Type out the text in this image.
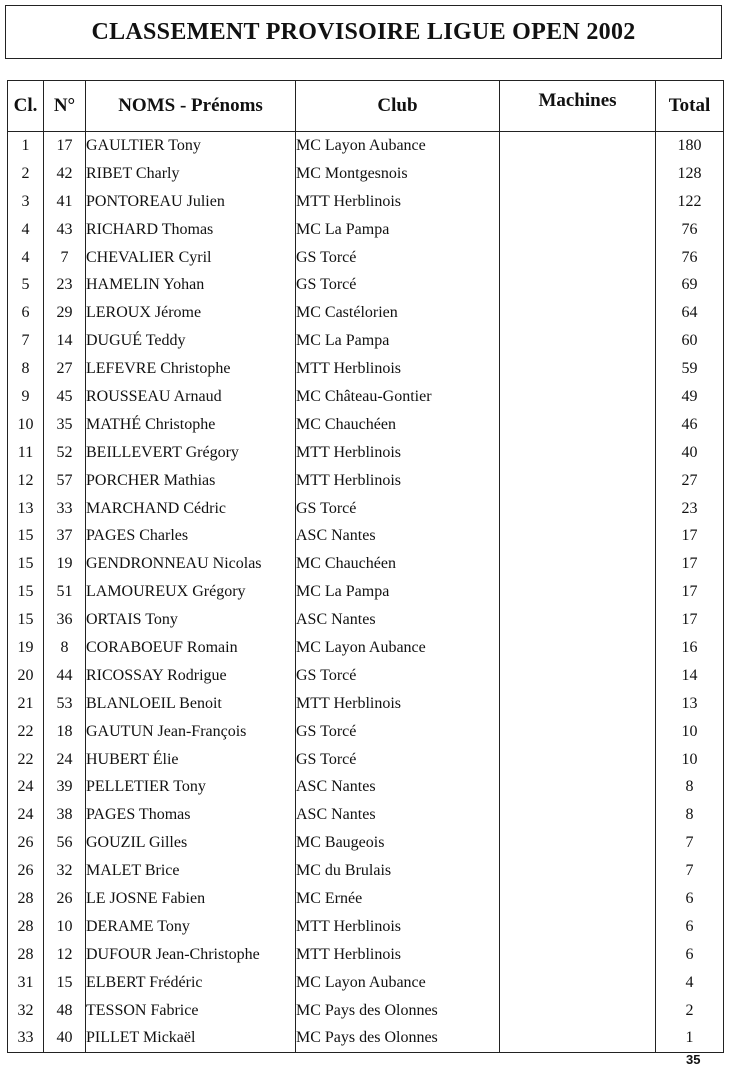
CLASSEMENT PROVISOIRE LIGUE OPEN 2002
Cl.	N°	NOMS - Prénoms	Club	Machines	Total
1	17	GAULTIER Tony	MC Layon Aubance		180
2	42	RIBET Charly	MC Montgesnois		128
3	41	PONTOREAU Julien	MTT Herblinois		122
4	43	RICHARD Thomas	MC La Pampa		76
4	7	CHEVALIER Cyril	GS Torcé		76
5	23	HAMELIN Yohan	GS Torcé		69
6	29	LEROUX Jérome	MC Castélorien		64
7	14	DUGUÉ Teddy	MC La Pampa		60
8	27	LEFEVRE Christophe	MTT Herblinois		59
9	45	ROUSSEAU Arnaud	MC Château-Gontier		49
10	35	MATHÉ Christophe	MC Chauchéen		46
11	52	BEILLEVERT Grégory	MTT Herblinois		40
12	57	PORCHER Mathias	MTT Herblinois		27
13	33	MARCHAND Cédric	GS Torcé		23
15	37	PAGES Charles	ASC Nantes		17
15	19	GENDRONNEAU Nicolas	MC Chauchéen		17
15	51	LAMOUREUX Grégory	MC La Pampa		17
15	36	ORTAIS Tony	ASC Nantes		17
19	8	CORABOEUF Romain	MC Layon Aubance		16
20	44	RICOSSAY Rodrigue	GS Torcé		14
21	53	BLANLOEIL Benoit	MTT Herblinois		13
22	18	GAUTUN Jean-François	GS Torcé		10
22	24	HUBERT Élie	GS Torcé		10
24	39	PELLETIER Tony	ASC Nantes		8
24	38	PAGES Thomas	ASC Nantes		8
26	56	GOUZIL Gilles	MC Baugeois		7
26	32	MALET Brice	MC du Brulais		7
28	26	LE JOSNE Fabien	MC Ernée		6
28	10	DERAME Tony	MTT Herblinois		6
28	12	DUFOUR Jean-Christophe	MTT Herblinois		6
31	15	ELBERT Frédéric	MC Layon Aubance		4
32	48	TESSON Fabrice	MC Pays des Olonnes		2
33	40	PILLET Mickaël	MC Pays des Olonnes		1
35
